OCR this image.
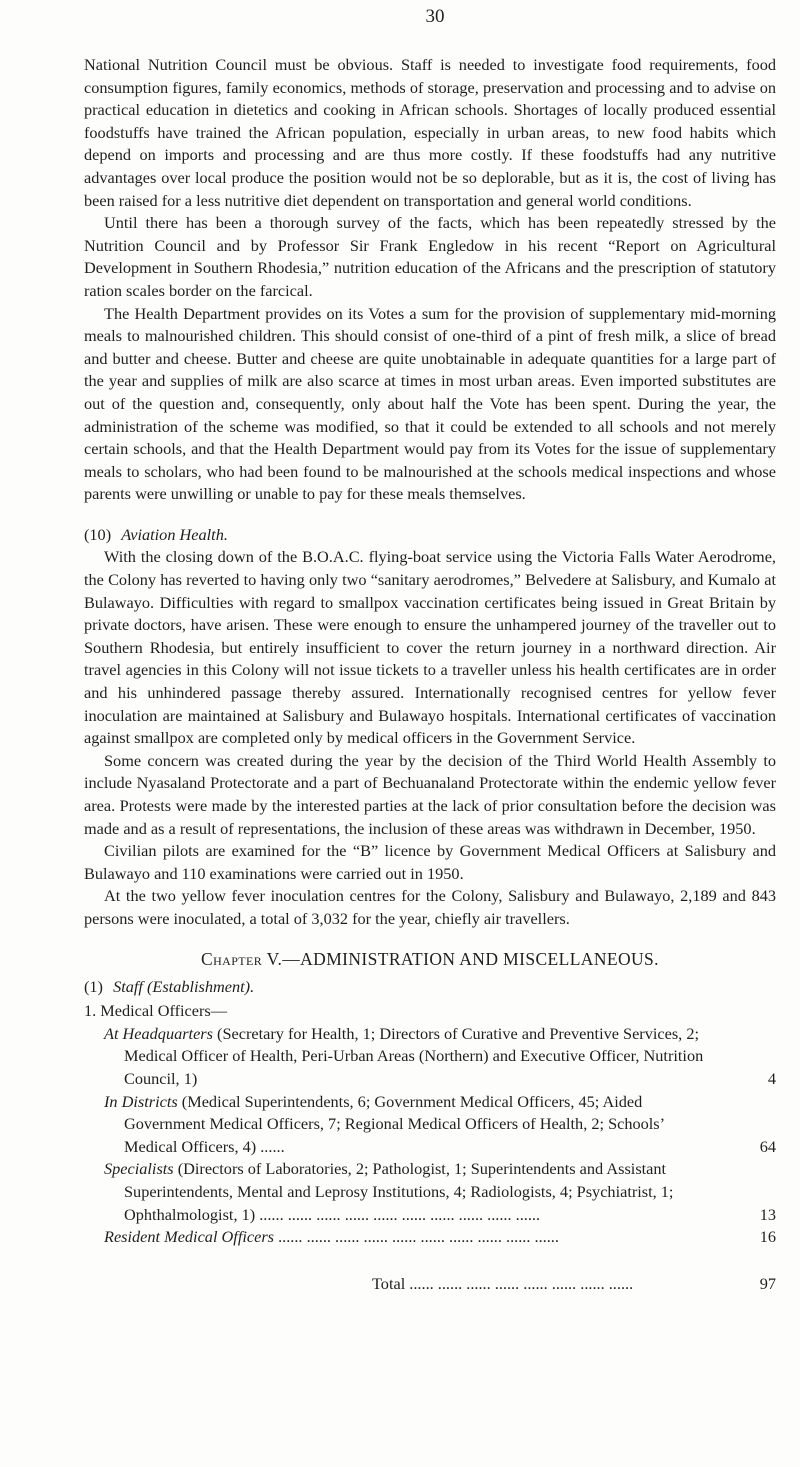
30

National Nutrition Council must be obvious. Staff is needed to investigate food requirements, food consumption figures, family economics, methods of storage, preservation and processing and to advise on practical education in dietetics and cooking in African schools. Shortages of locally produced essential foodstuffs have trained the African population, especially in urban areas, to new food habits which depend on imports and processing and are thus more costly. If these foodstuffs had any nutritive advantages over local produce the position would not be so deplorable, but as it is, the cost of living has been raised for a less nutritive diet dependent on transportation and general world conditions.

Until there has been a thorough survey of the facts, which has been repeatedly stressed by the Nutrition Council and by Professor Sir Frank Engledow in his recent “Report on Agricultural Development in Southern Rhodesia,” nutrition education of the Africans and the prescription of statutory ration scales border on the farcical.

The Health Department provides on its Votes a sum for the provision of supplementary mid-morning meals to malnourished children. This should consist of one-third of a pint of fresh milk, a slice of bread and butter and cheese. Butter and cheese are quite unobtainable in adequate quantities for a large part of the year and supplies of milk are also scarce at times in most urban areas. Even imported substitutes are out of the question and, consequently, only about half the Vote has been spent. During the year, the administration of the scheme was modified, so that it could be extended to all schools and not merely certain schools, and that the Health Department would pay from its Votes for the issue of supplementary meals to scholars, who had been found to be malnourished at the schools medical inspections and whose parents were unwilling or unable to pay for these meals themselves.

(10) Aviation Health.

With the closing down of the B.O.A.C. flying-boat service using the Victoria Falls Water Aerodrome, the Colony has reverted to having only two “sanitary aerodromes,” Belvedere at Salisbury, and Kumalo at Bulawayo. Difficulties with regard to smallpox vaccination certificates being issued in Great Britain by private doctors, have arisen. These were enough to ensure the unhampered journey of the traveller out to Southern Rhodesia, but entirely insufficient to cover the return journey in a northward direction. Air travel agencies in this Colony will not issue tickets to a traveller unless his health certificates are in order and his unhindered passage thereby assured. Internationally recognised centres for yellow fever inoculation are maintained at Salisbury and Bulawayo hospitals. International certificates of vaccination against smallpox are completed only by medical officers in the Government Service.

Some concern was created during the year by the decision of the Third World Health Assembly to include Nyasaland Protectorate and a part of Bechuanaland Protectorate within the endemic yellow fever area. Protests were made by the interested parties at the lack of prior consultation before the decision was made and as a result of representations, the inclusion of these areas was withdrawn in December, 1950.

Civilian pilots are examined for the “B” licence by Government Medical Officers at Salisbury and Bulawayo and 110 examinations were carried out in 1950.

At the two yellow fever inoculation centres for the Colony, Salisbury and Bulawayo, 2,189 and 843 persons were inoculated, a total of 3,032 for the year, chiefly air travellers.

Chapter V.—ADMINISTRATION AND MISCELLANEOUS.
(1) Staff (Establishment).
1. Medical Officers—
At Headquarters (Secretary for Health, 1; Directors of Curative and Preventive Services, 2; Medical Officer of Health, Peri-Urban Areas (Northern) and Executive Officer, Nutrition Council, 1)	4
In Districts (Medical Superintendents, 6; Government Medical Officers, 45; Aided Government Medical Officers, 7; Regional Medical Officers of Health, 2; Schools’ Medical Officers, 4) ......	64
Specialists (Directors of Laboratories, 2; Pathologist, 1; Superintendents and Assistant Superintendents, Mental and Leprosy Institutions, 4; Radiologists, 4; Psychiatrist, 1; Ophthalmologist, 1) ...... ...... ...... ...... ...... ...... ...... ...... ...... ......	13
Resident Medical Officers ...... ...... ...... ...... ...... ...... ...... ...... ...... ......	16
Total ...... ...... ...... ...... ...... ...... ...... ......	97
